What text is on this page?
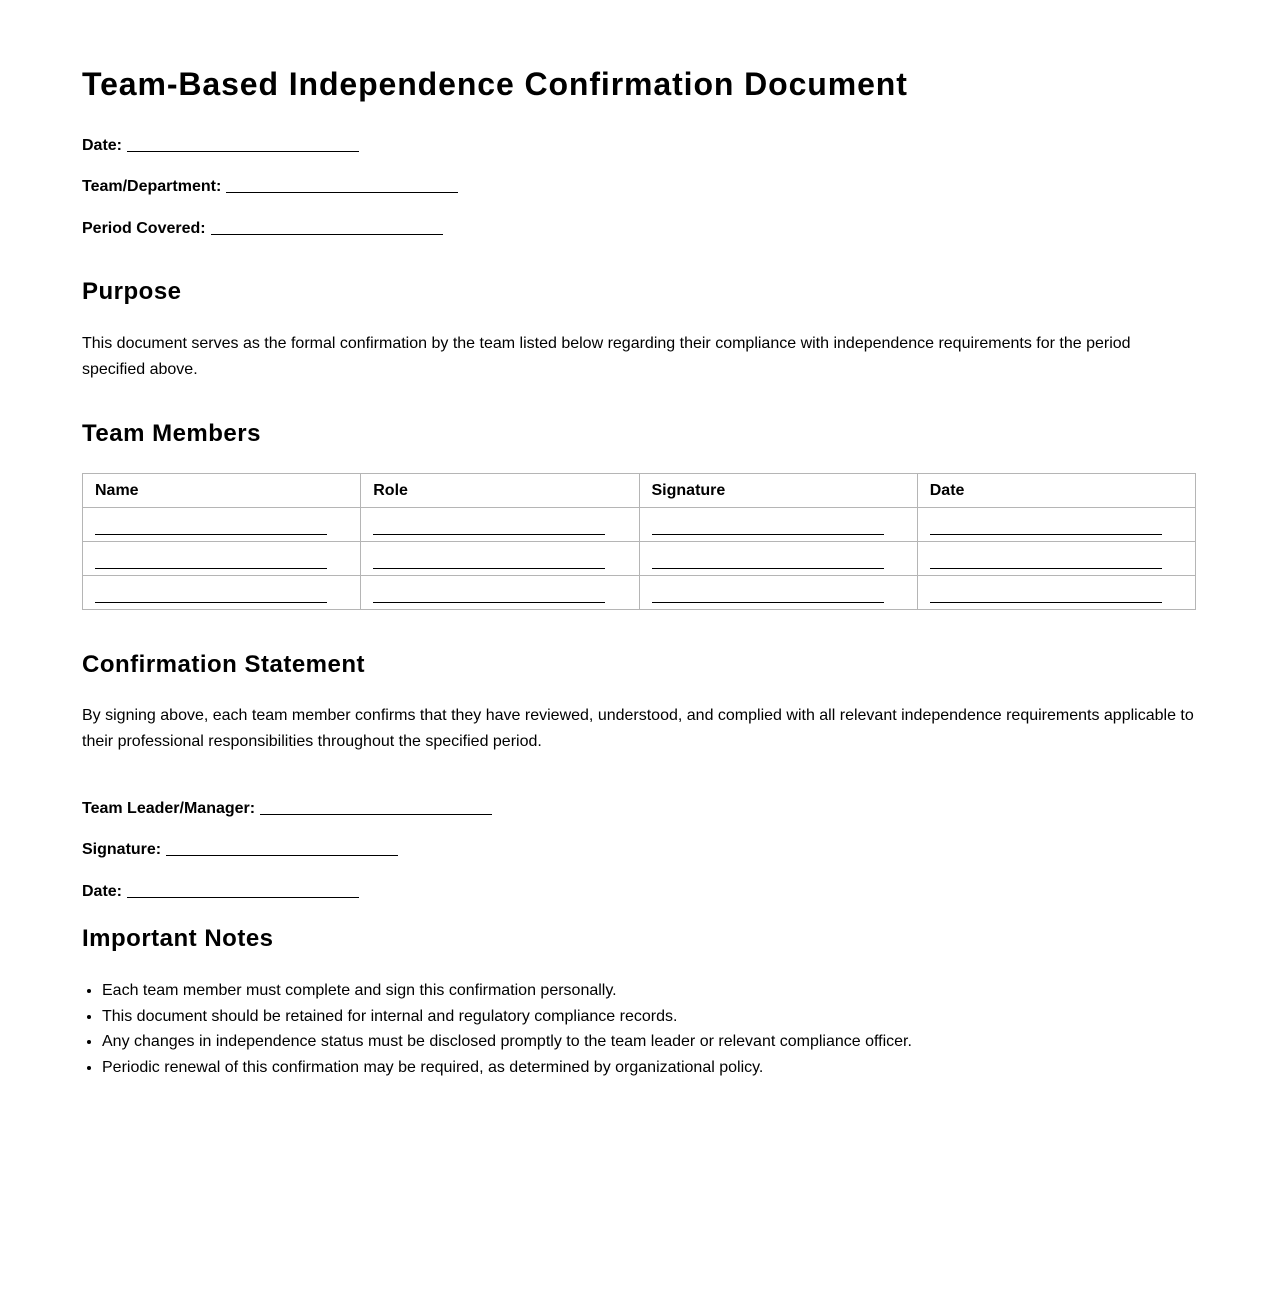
Team-Based Independence Confirmation Document
Date:
Team/Department:
Period Covered:
Purpose

This document serves as the formal confirmation by the team listed below regarding their compliance with independence requirements for the period specified above.

Team Members
Name	Role	Signature	Date

Confirmation Statement

By signing above, each team member confirms that they have reviewed, understood, and complied with all relevant independence requirements applicable to their professional responsibilities throughout the specified period.

Team Leader/Manager:
Signature:
Date:
Important Notes
• Each team member must complete and sign this confirmation personally.
• This document should be retained for internal and regulatory compliance records.
• Any changes in independence status must be disclosed promptly to the team leader or relevant compliance officer.
• Periodic renewal of this confirmation may be required, as determined by organizational policy.
